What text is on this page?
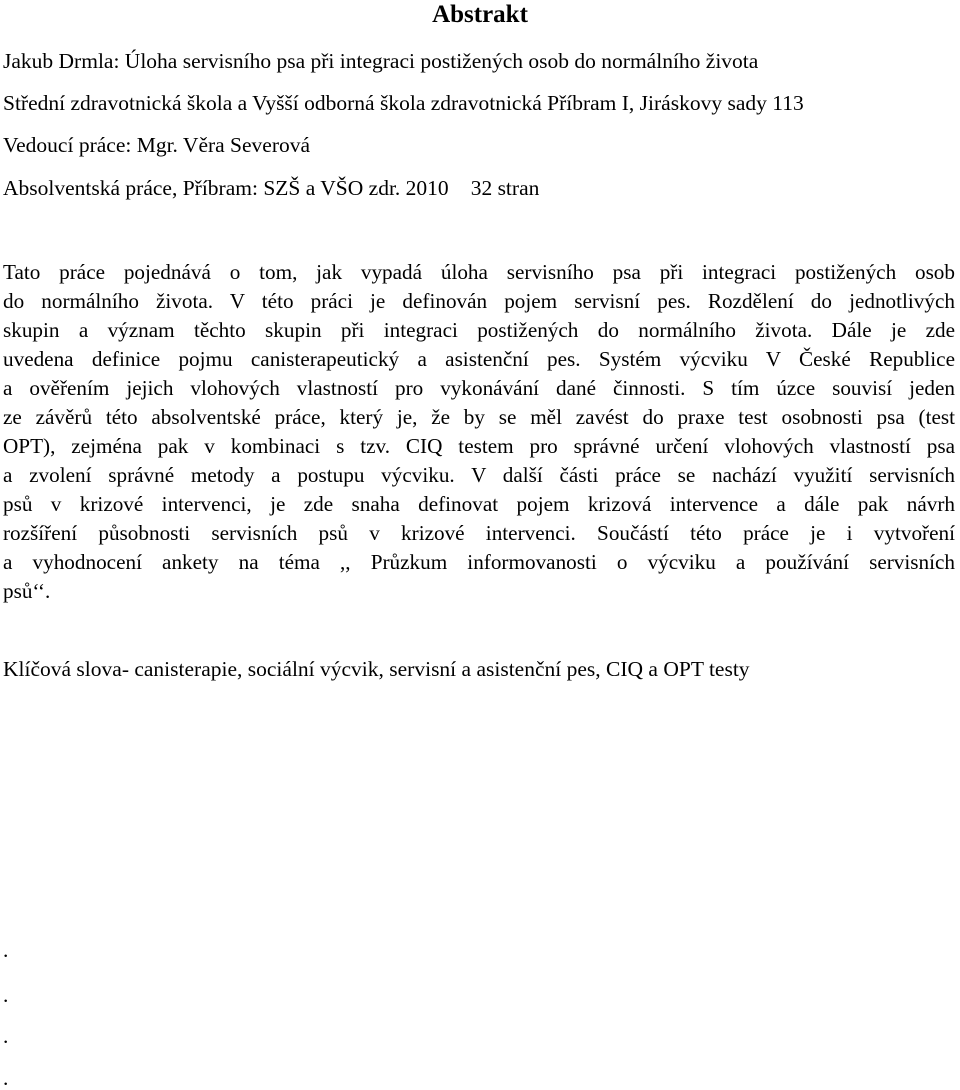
Abstrakt
Jakub Drmla: Úloha servisního psa při integraci postižených osob do normálního života
Střední zdravotnická škola a Vyšší odborná škola zdravotnická Příbram I, Jiráskovy sady 113
Vedoucí práce: Mgr. Věra Severová
Absolventská práce, Příbram: SZŠ a VŠO zdr. 2010 32 stran
Tato práce pojednává o tom, jak vypadá úloha servisního psa při integraci postižených osob
do normálního života. V této práci je definován pojem servisní pes. Rozdělení do jednotlivých
skupin a význam těchto skupin při integraci postižených do normálního života. Dále je zde
uvedena definice pojmu canisterapeutický a asistenční pes. Systém výcviku V České Republice
a ověřením jejich vlohových vlastností pro vykonávání dané činnosti. S tím úzce souvisí jeden
ze závěrů této absolventské práce, který je, že by se měl zavést do praxe test osobnosti psa (test
OPT), zejména pak v kombinaci s tzv. CIQ testem pro správné určení vlohových vlastností psa
a zvolení správné metody a postupu výcviku. V další části práce se nachází využití servisních
psů v krizové intervenci, je zde snaha definovat pojem krizová intervence a dále pak návrh
rozšíření působnosti servisních psů v krizové intervenci. Součástí této práce je i vytvoření
a vyhodnocení ankety na téma ,, Průzkum informovanosti o výcviku a používání servisních
psů‘‘.
Klíčová slova- canisterapie, sociální výcvik, servisní a asistenční pes, CIQ a OPT testy
.
.
.
.
